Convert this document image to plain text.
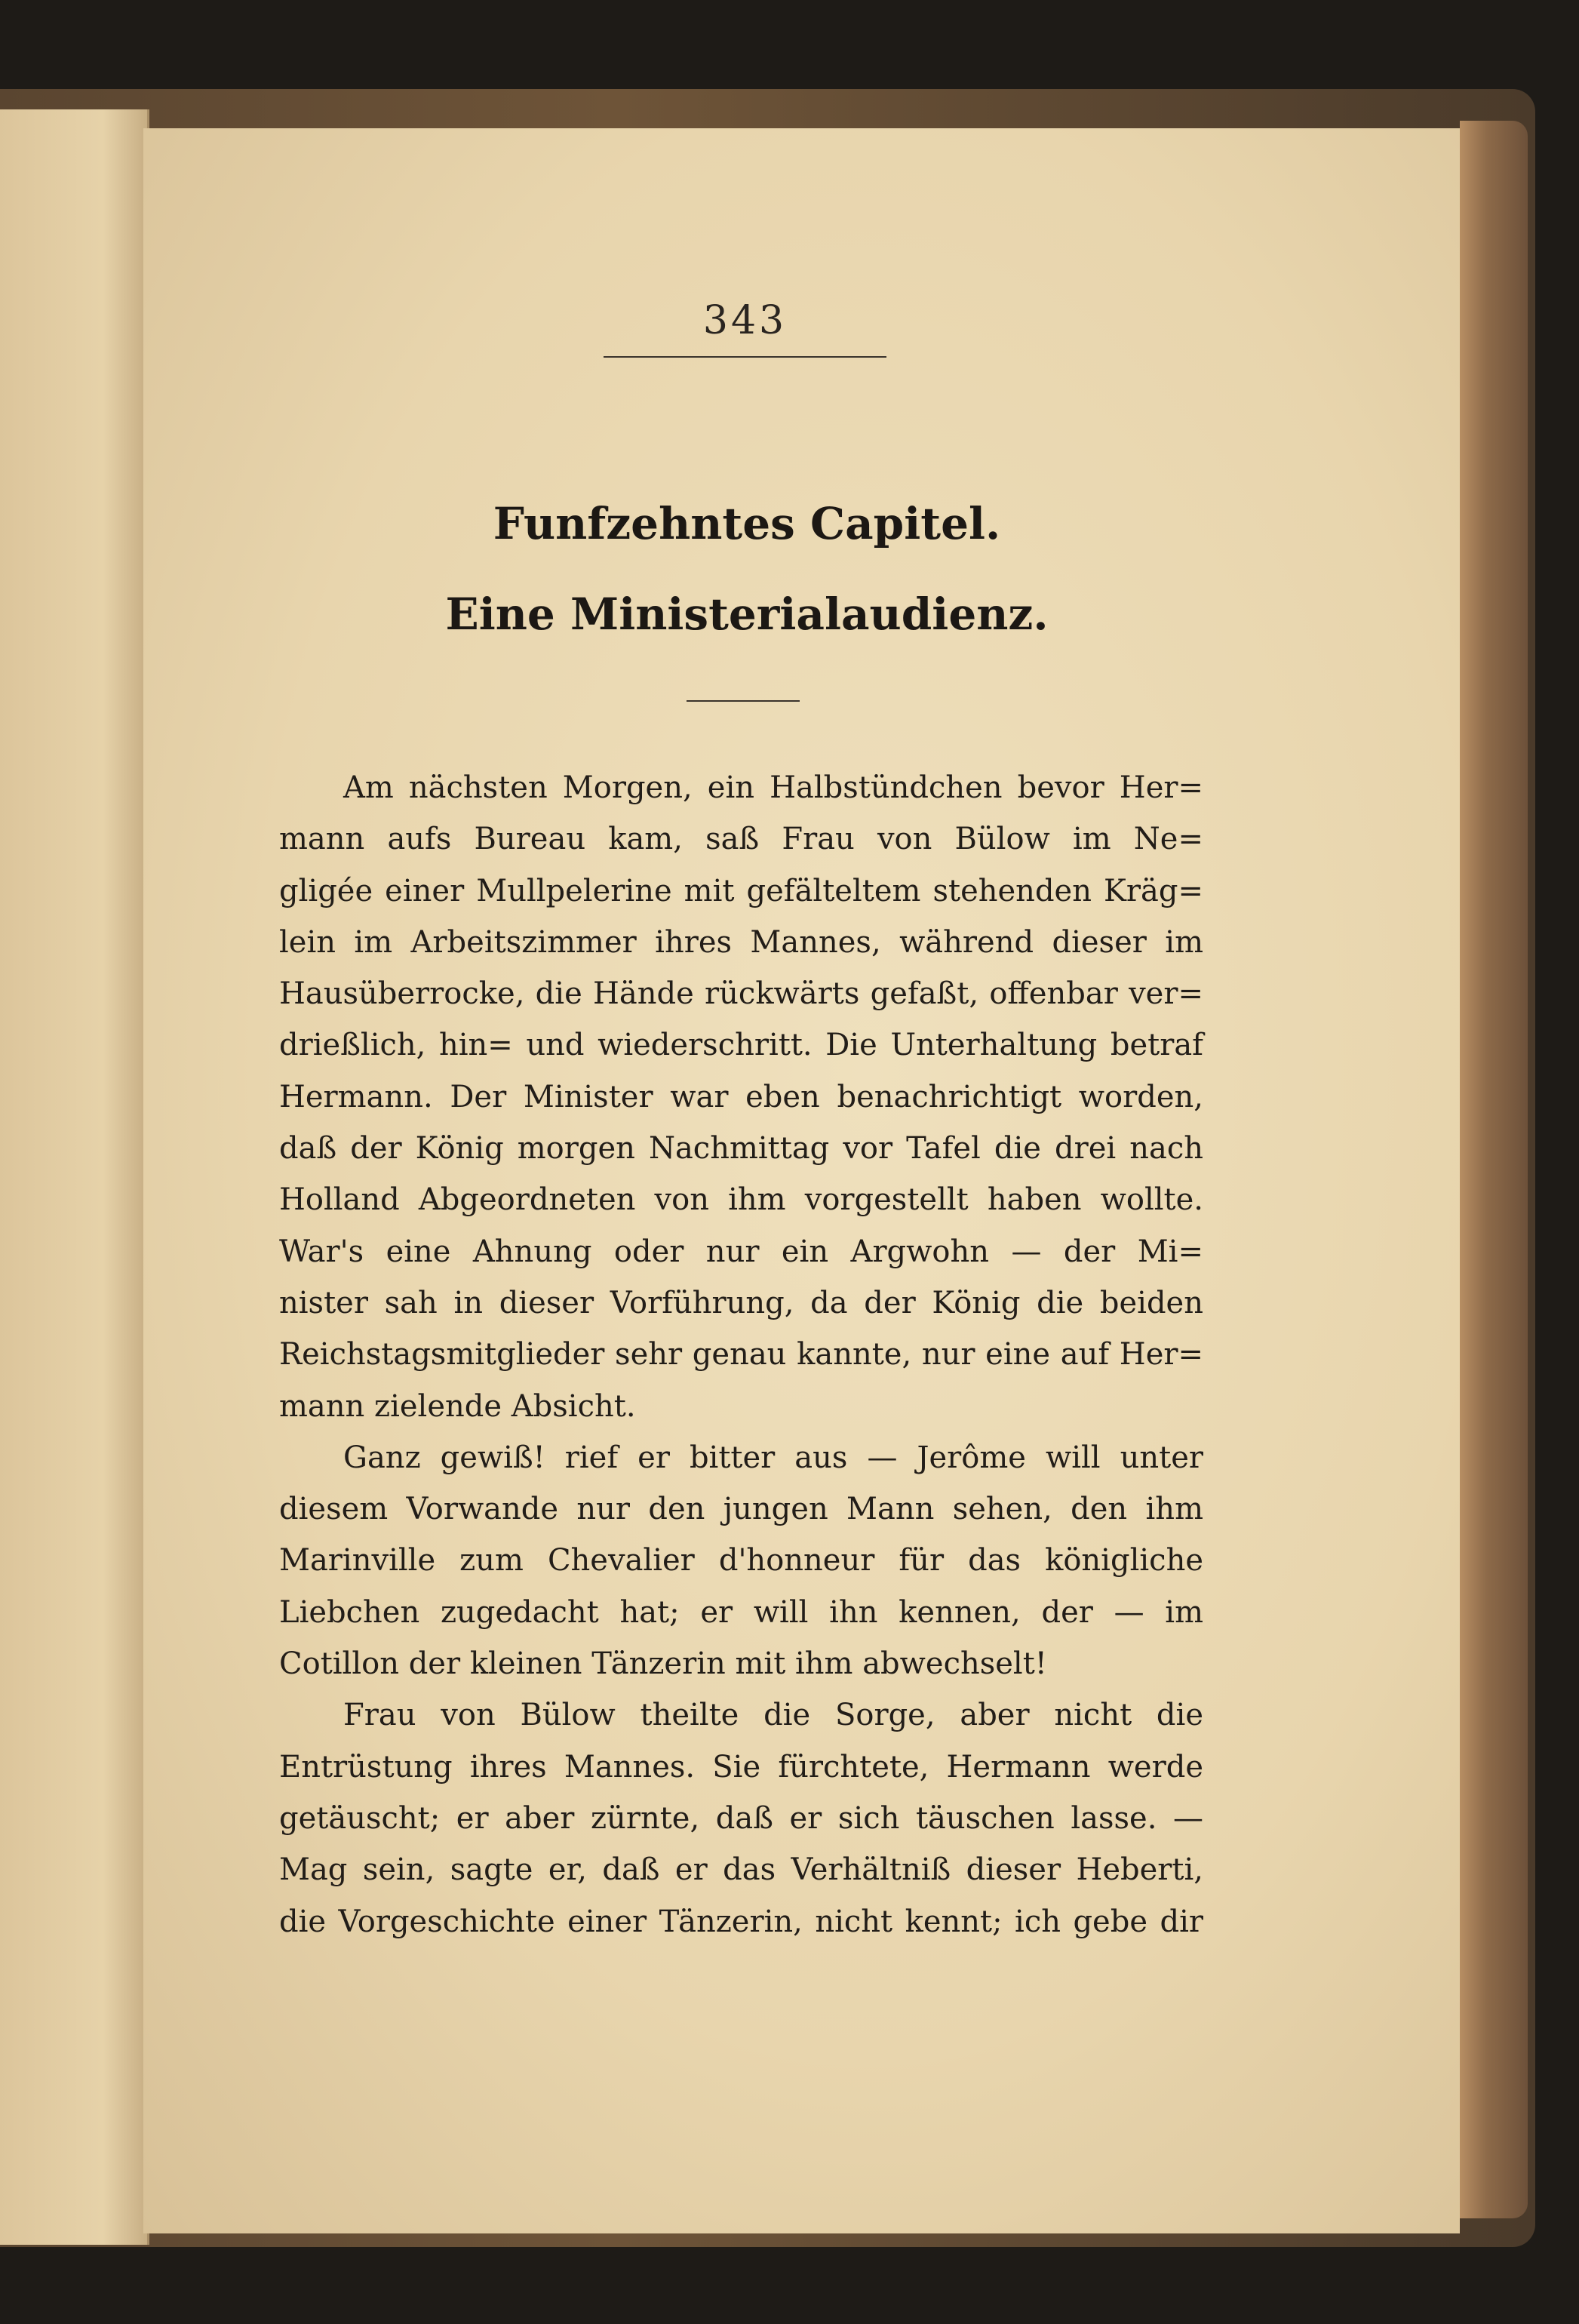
343
Funfzehntes Capitel.
Eine Ministerialaudienz.
Am nächsten Morgen, ein Halbstündchen bevor Her=
mann aufs Bureau kam, saß Frau von Bülow im Ne=
gligée einer Mullpelerine mit gefälteltem stehenden Kräg=
lein im Arbeitszimmer ihres Mannes, während dieser im
Hausüberrocke, die Hände rückwärts gefaßt, offenbar ver=
drießlich, hin= und wiederschritt. Die Unterhaltung betraf
Hermann. Der Minister war eben benachrichtigt worden,
daß der König morgen Nachmittag vor Tafel die drei nach
Holland Abgeordneten von ihm vorgestellt haben wollte.
War's eine Ahnung oder nur ein Argwohn — der Mi=
nister sah in dieser Vorführung, da der König die beiden
Reichstagsmitglieder sehr genau kannte, nur eine auf Her=
mann zielende Absicht.
Ganz gewiß! rief er bitter aus — Jerôme will unter
diesem Vorwande nur den jungen Mann sehen, den ihm
Marinville zum Chevalier d'honneur für das königliche
Liebchen zugedacht hat; er will ihn kennen, der — im
Cotillon der kleinen Tänzerin mit ihm abwechselt!
Frau von Bülow theilte die Sorge, aber nicht die
Entrüstung ihres Mannes. Sie fürchtete, Hermann werde
getäuscht; er aber zürnte, daß er sich täuschen lasse. —
Mag sein, sagte er, daß er das Verhältniß dieser Heberti,
die Vorgeschichte einer Tänzerin, nicht kennt; ich gebe dir
